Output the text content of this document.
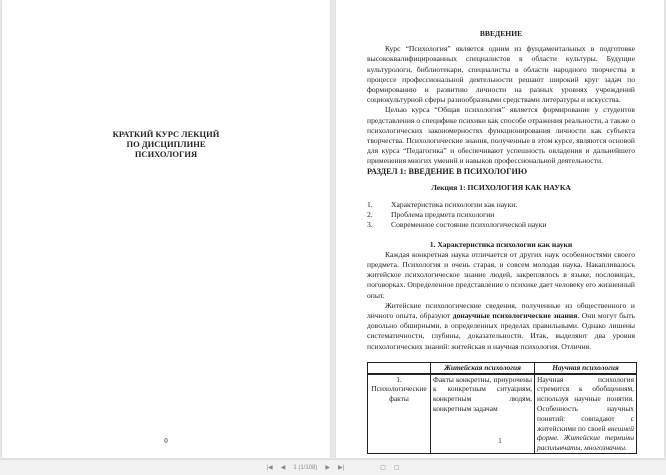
КРАТКИЙ КУРС ЛЕКЦИЙ
ПО ДИСЦИПЛИНЕ
ПСИХОЛОГИЯ
0
ВВЕДЕНИЕ

Курс “Психология” является одним из фундаментальных в подготовке высококвалифицированных специалистов в области культуры. Будущие культурологи, библиотекари, специалисты в области народного творчества в процессе профессиональной деятельности решают широкий круг задач по формированию и развитию личности на разных уровнях учреждений социокультурной сферы разнообразными средствами литературы и искусства.

Целью курса “Общая психология” является формирование у студентов представления о специфике психики как способе отражения реальности, а также о психологических закономерностях функционирования личности как субъекта творчества. Психологические знания, полученные в этом курсе, являются основой для курса “Педагогика” и обеспечивают успешность овладения и дальнейшего применения многих умений и навыков профессиональной деятельности.

РАЗДЕЛ 1: ВВЕДЕНИЕ В ПСИХОЛОГИЮ
Лекция 1: ПСИХОЛОГИЯ КАК НАУКА
1.	Характеристика психологии как науки.
2.	Проблема предмета психологии
3.	Современное состояние психологической науки
1. Характеристика психологии как науки

Каждая конкретная наука отличается от других наук особенностями своего предмета. Психология и очень старая, и совсем молодая наука. Накапливалось житейское психологическое знание людей, закреплялось в языке, пословицах, поговорках. Определенное представление о психике дает человеку его жизненный опыт.

Житейские психологические сведения, полученные из общественного и личного опыта, образуют донаучные психологические знания. Они могут быть довольно обширными, в определенных пределах правильными. Однако лишены систематичности, глубины, доказательности. Итак, выделяют два уровня психологических знаний: житейская и научная психология. Отличия.

	Житейская психология	Научная психология
1. Психологические факты	Факты конкретны, приурочены к конкретным ситуациям, конкретным людям, конкретным задачам	Научная психология стремится к обобщениям, используя научные понятия. Особенность научных понятий: совпадают с житейскими по своей внешней форме. Житейские термины расплывчаты, многозначны.
1
|◀ ◀ 1 (1/108) ▶ ▶|	▢ ▢
